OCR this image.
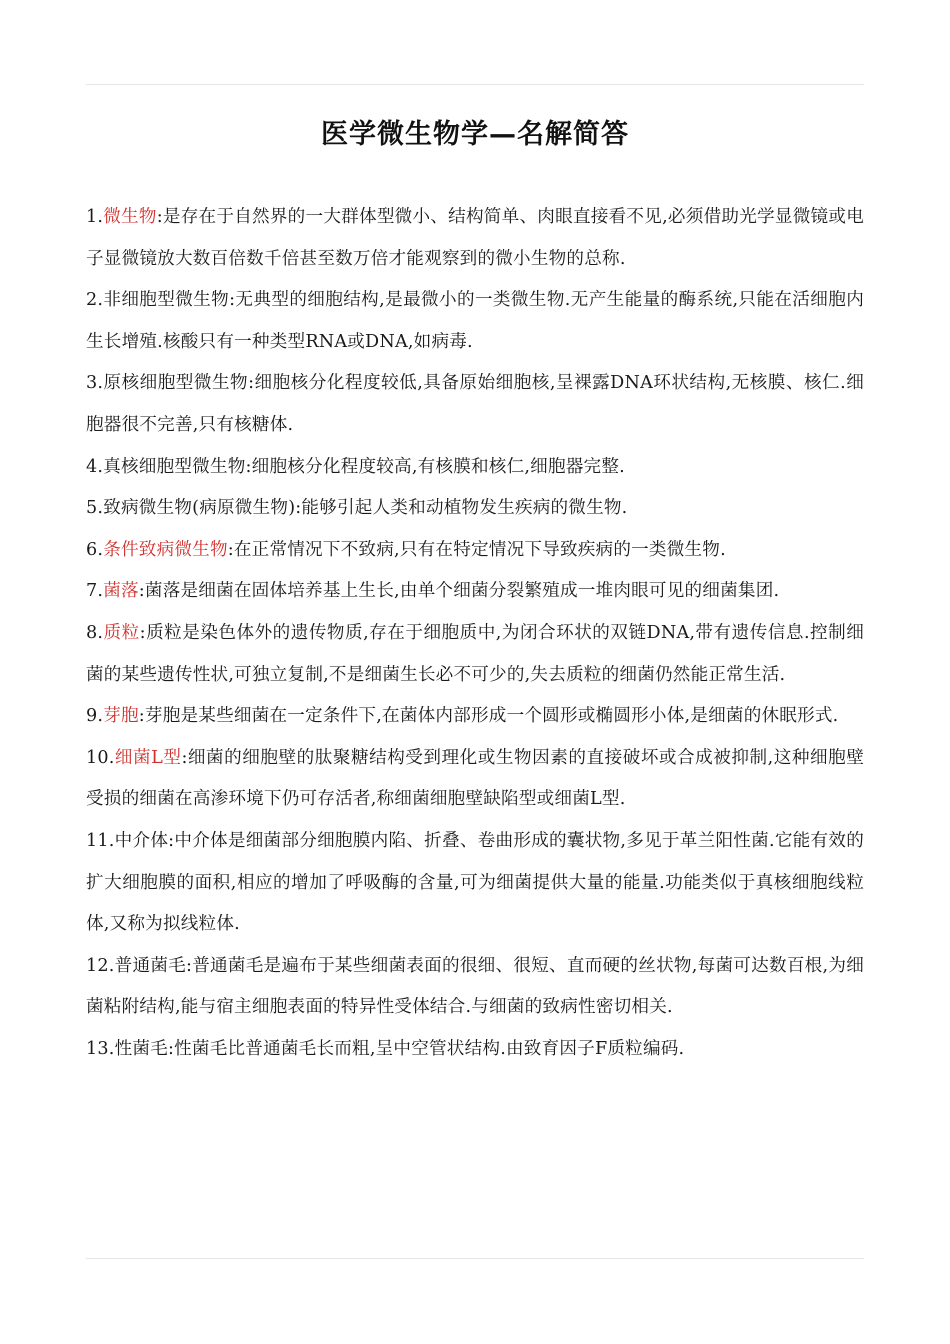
医学微生物学—名解简答

1.微生物:是存在于自然界的一大群体型微小、结构简单、肉眼直接看不见,必须借助光学显微镜或电子显微镜放大数百倍数千倍甚至数万倍才能观察到的微小生物的总称.

2.非细胞型微生物:无典型的细胞结构,是最微小的一类微生物.无产生能量的酶系统,只能在活细胞内生长增殖.核酸只有一种类型RNA或DNA,如病毒.

3.原核细胞型微生物:细胞核分化程度较低,具备原始细胞核,呈裸露DNA环状结构,无核膜、核仁.细胞器很不完善,只有核糖体.

4.真核细胞型微生物:细胞核分化程度较高,有核膜和核仁,细胞器完整.

5.致病微生物(病原微生物):能够引起人类和动植物发生疾病的微生物.

6.条件致病微生物:在正常情况下不致病,只有在特定情况下导致疾病的一类微生物.

7.菌落:菌落是细菌在固体培养基上生长,由单个细菌分裂繁殖成一堆肉眼可见的细菌集团.

8.质粒:质粒是染色体外的遗传物质,存在于细胞质中,为闭合环状的双链DNA,带有遗传信息.控制细菌的某些遗传性状,可独立复制,不是细菌生长必不可少的,失去质粒的细菌仍然能正常生活.

9.芽胞:芽胞是某些细菌在一定条件下,在菌体内部形成一个圆形或椭圆形小体,是细菌的休眠形式.

10.细菌L型:细菌的细胞壁的肽聚糖结构受到理化或生物因素的直接破坏或合成被抑制,这种细胞壁受损的细菌在高渗环境下仍可存活者,称细菌细胞壁缺陷型或细菌L型.

11.中介体:中介体是细菌部分细胞膜内陷、折叠、卷曲形成的囊状物,多见于革兰阳性菌.它能有效的扩大细胞膜的面积,相应的增加了呼吸酶的含量,可为细菌提供大量的能量.功能类似于真核细胞线粒体,又称为拟线粒体.

12.普通菌毛:普通菌毛是遍布于某些细菌表面的很细、很短、直而硬的丝状物,每菌可达数百根,为细菌粘附结构,能与宿主细胞表面的特异性受体结合.与细菌的致病性密切相关.

13.性菌毛:性菌毛比普通菌毛长而粗,呈中空管状结构.由致育因子F质粒编码.
